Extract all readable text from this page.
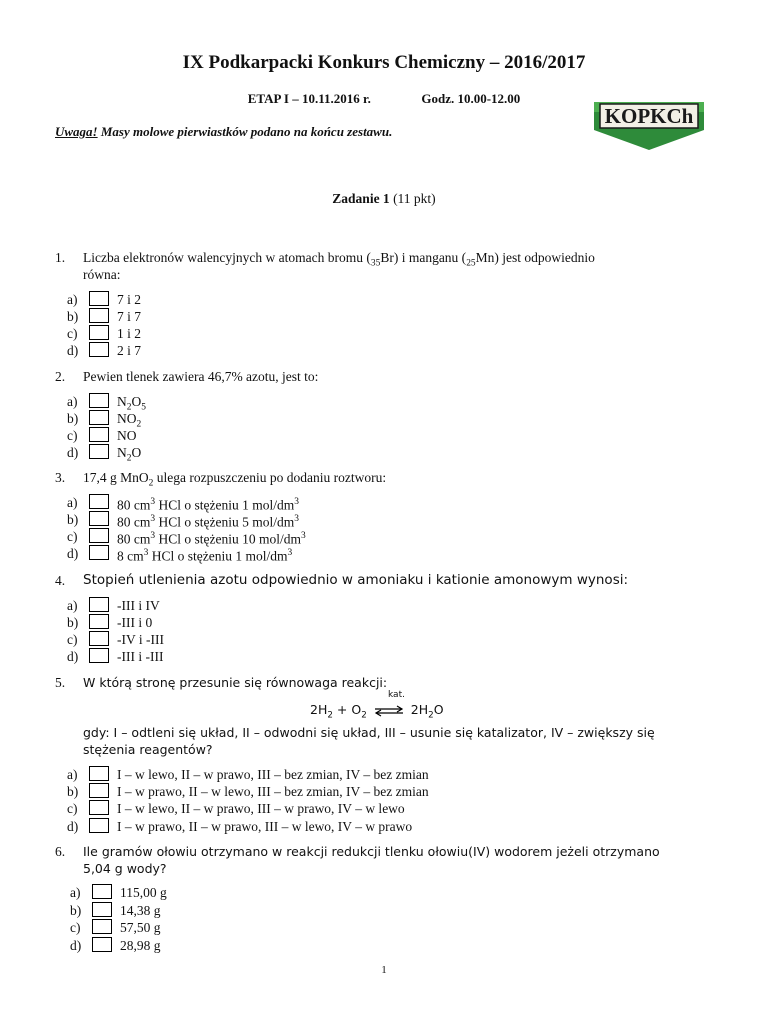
IX Podkarpacki Konkurs Chemiczny – 2016/2017
ETAP I – 10.11.2016 r.	Godz. 10.00-12.00
Uwaga! Masy molowe pierwiastków podano na końcu zestawu.
KOPKCh
Zadanie 1 (11 pkt)
1. Liczba elektronów walencyjnych w atomach bromu $(_{35}Br)$ i manganu $(_{25}Mn)$ jest odpowiednio
równa:
a)	7 i 2
b)	7 i 7
c)	1 i 2
d)	2 i 7
2. Pewien tlenek zawiera 46,7% azotu, jest to:
a)	$N_2O_5$
b)	$NO_2$
c)	NO
d)	$N_2O$
3. 17,4 g MnO$_2$ ulega rozpuszczeniu po dodaniu roztworu:
a)	80 $cm^3$ HCl o stężeniu 1 mol/$dm^3$
b)	80 $cm^3$ HCl o stężeniu 5 mol/$dm^3$
c)	80 $cm^3$ HCl o stężeniu 10 mol/$dm^3$
d)	8 $cm^3$ HCl o stężeniu 1 mol/$dm^3$
4. Stopień utlenienia azotu odpowiednio w amoniaku i kationie amonowym wynosi:
a)	-III i IV
b)	-III i 0
c)	-IV i -III
d)	-III i -III
5. W którą stronę przesunie się równowaga reakcji:
$2H_2 + O_2$
kat.
⇌ $2H_2O$
gdy: I – odtleni się układ, II – odwodni się układ, III – usunie się katalizator, IV – zwiększy się stężenia reagentów?
a)	I – w lewo, II – w prawo, III – bez zmian, IV – bez zmian
b)	I – w prawo, II – w lewo, III – bez zmian, IV – bez zmian
c)	I – w lewo, II – w prawo, III – w prawo, IV – w lewo
d)	I – w prawo, II – w prawo, III – w lewo, IV – w prawo
6. Ile gramów ołowiu otrzymano w reakcji redukcji tlenku ołowiu(IV) wodorem jeżeli otrzymano 5,04 g wody?
a)	115,00 g
b)	14,38 g
c)	57,50 g
d)	28,98 g
1
